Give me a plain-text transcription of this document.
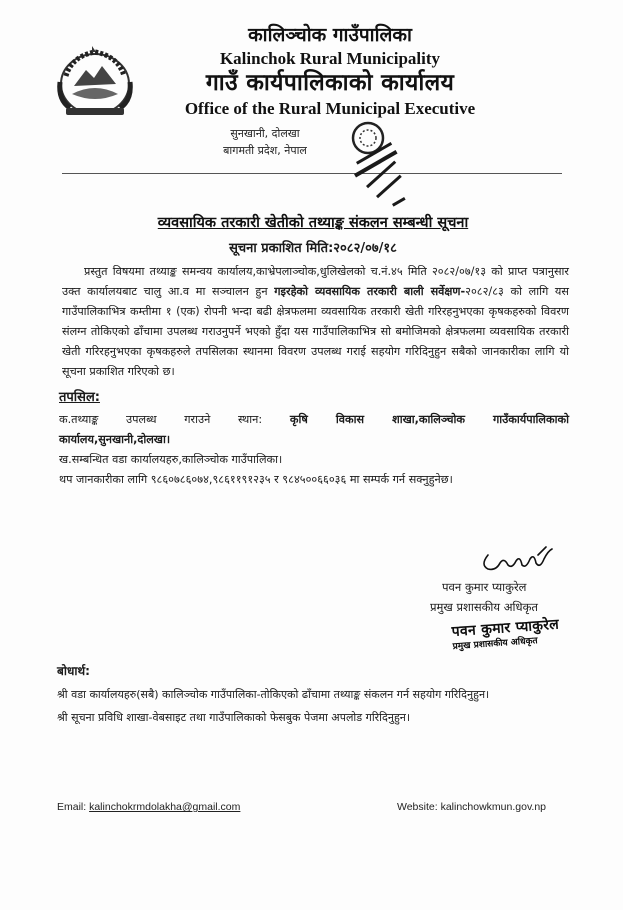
कालिञ्चोक गाउँपालिका
Kalinchok Rural Municipality
गाउँ कार्यपालिकाको कार्यालय
Office of the Rural Municipal Executive
सुनखानी, दोलखा
बागमती प्रदेश, नेपाल
व्यवसायिक तरकारी खेतीको तथ्याङ्क संकलन सम्बन्धी सूचना
सूचना प्रकाशित मिति:२०८२/०७/१८
प्रस्तुत विषयमा तथ्याङ्क समन्वय कार्यालय,काभ्रेपलाञ्चोक,धुलिखेलको च.नं.४५ मिति २०८२/०७/१३ को प्राप्त पत्रानुसार उक्त कार्यालयबाट चालु आ.व मा सञ्चालन हुन गइरहेको व्यवसायिक तरकारी बाली सर्वेक्षण-२०८२/८३ को लागि यस गाउँपालिकाभित्र कम्तीमा १ (एक) रोपनी भन्दा बढी क्षेत्रफलमा व्यवसायिक तरकारी खेती गरिरहनुभएका कृषकहरुको विवरण संलग्न तोकिएको ढाँचामा उपलब्ध गराउनुपर्ने भएको हुँदा यस गाउँपालिकाभित्र सो बमोजिमको क्षेत्रफलमा व्यवसायिक तरकारी खेती गरिरहनुभएका कृषकहरुले तपसिलका स्थानमा विवरण उपलब्ध गराई सहयोग गरिदिनुहुन सबैको जानकारीका लागि यो सूचना प्रकाशित गरिएको छ।
तपसिल:
क.तथ्याङ्क उपलब्ध गराउने स्थान: कृषि विकास शाखा,कालिञ्चोक गाउँकार्यपालिकाको
कार्यालय,सुनखानी,दोलखा।
ख.सम्बन्धित वडा कार्यालयहरु,कालिञ्चोक गाउँपालिका।
थप जानकारीका लागि ९८६०७८६०७४,९८६११९१२३५ र ९८४५००६६०३६ मा सम्पर्क गर्न सक्नुहुनेछ।
पवन कुमार प्याकुरेल
प्रमुख प्रशासकीय अधिकृत
पवन कुमार प्याकुरेल
प्रमुख प्रशासकीय अधिकृत
बोधार्थ:
श्री वडा कार्यालयहरु(सबै) कालिञ्चोक गाउँपालिका-तोकिएको ढाँचामा तथ्याङ्क संकलन गर्न सहयोग गरिदिनुहुन।
श्री सूचना प्रविधि शाखा-वेबसाइट तथा गाउँपालिकाको फेसबुक पेजमा अपलोड गरिदिनुहुन।
Email: kalinchokrmdolakha@gmail.com	Website: kalinchowkmun.gov.np
